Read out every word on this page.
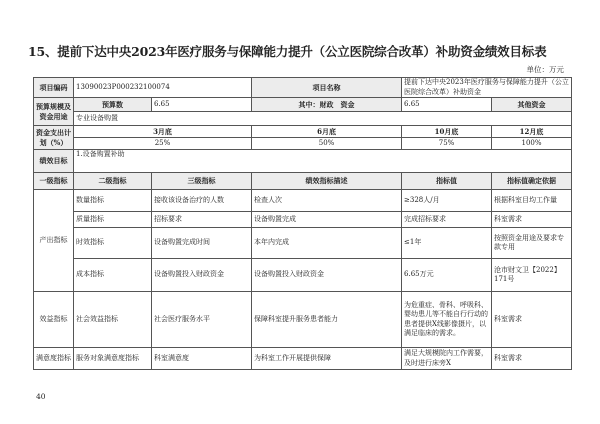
15、提前下达中央2023年医疗服务与保障能力提升（公立医院综合改革）补助资金绩效目标表
单位：万元
项目编码	13090023P000232100074		项目名称	提前下达中央2023年医疗服务与保障能力提升（公立医院综合改革）补助资金	
预算规模及资金用途	预算数	6.65	其中：财政　资金	6.65	其他资金
	专业设备购置				
资金支出计划（%）	3月底		6月底	10月底	12月底
	25%		50%	75%	100%
绩效目标	1.设备购置补助				
一级指标	二级指标	三级指标	绩效指标描述	指标值	指标值确定依据
产出指标	数量指标	接收该设备治疗的人数	检查人次	≥328人/月	根据科室目均工作量
	质量指标	招标要求	设备购置完成	完成招标要求	科室需求
	时效指标	设备购置完成时间	本年内完成	≤1年	按照资金用途及要求专款专用
	成本指标	设备购置投入财政资金	设备购置投入财政资金	6.65万元	沧市财文卫【2022】171号
效益指标	社会效益指标	社会医疗服务水平	保障科室提升服务患者能力	为危重症、骨科、呼吸科、婴幼患儿等不能自行行动的患者提供X线影像摄片，以满足临床的需求。	科室需求
满意度指标	服务对象满意度指标	科室满意度	为科室工作开展提供保障	满足大规模院内工作需要，及时进行床旁X	科室需求
40
